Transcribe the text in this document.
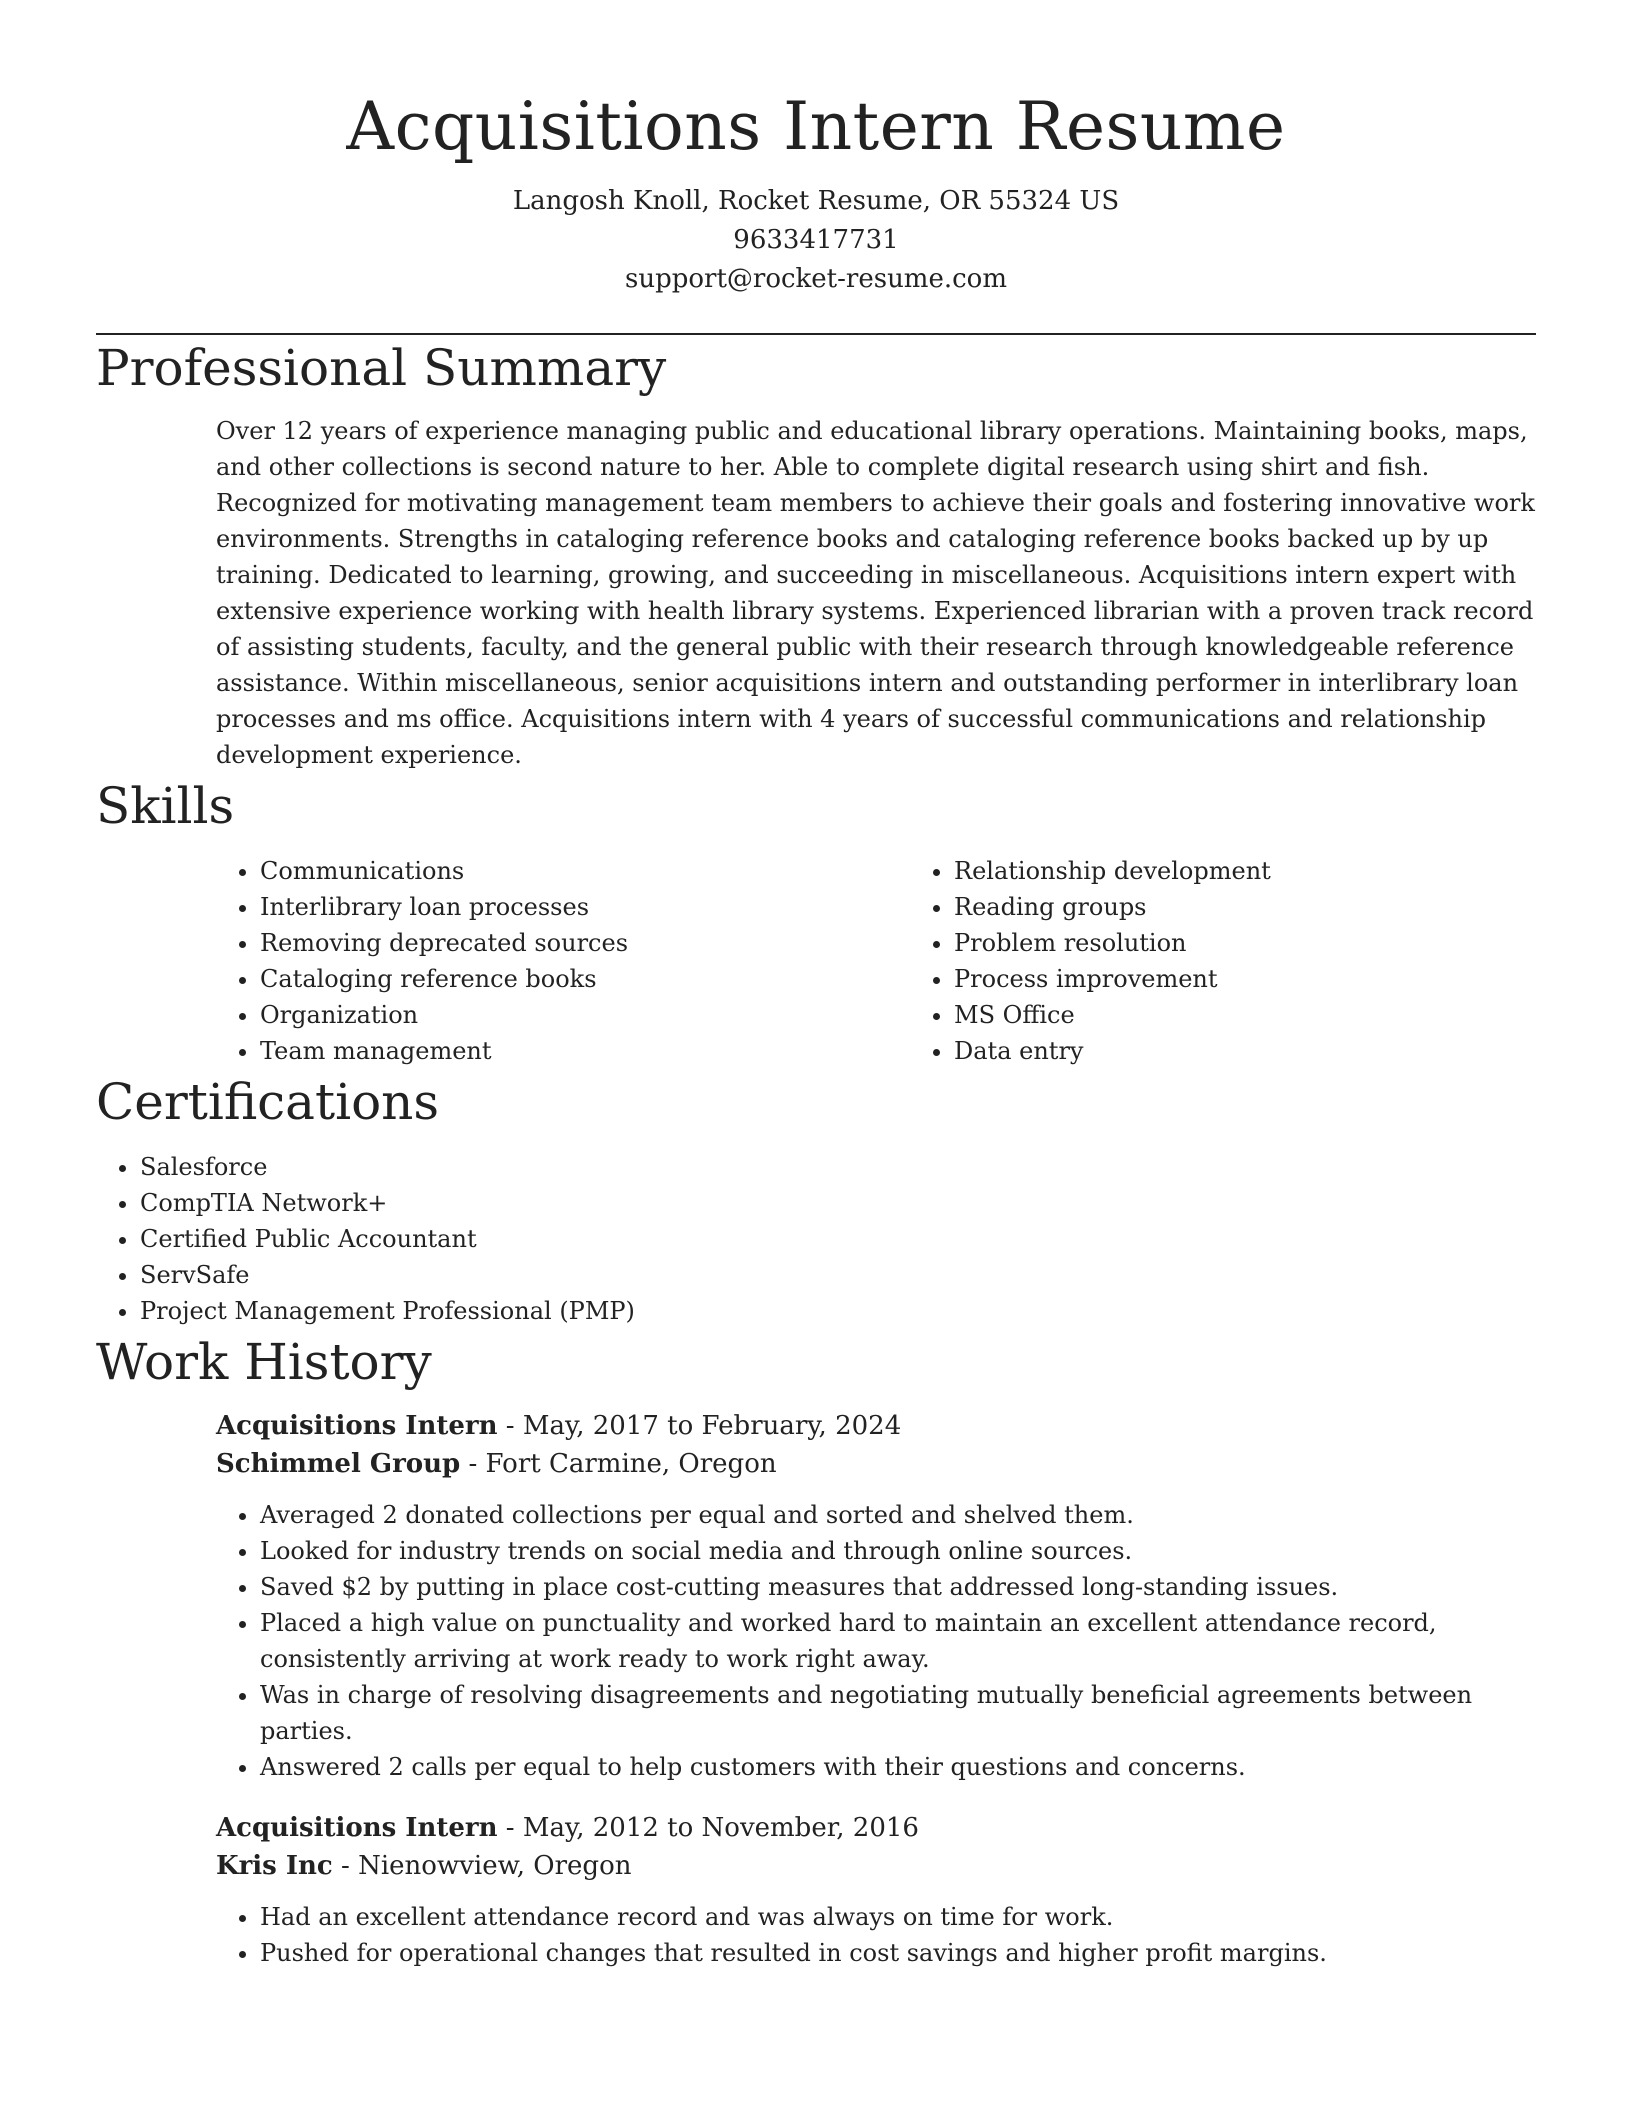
Acquisitions Intern Resume
Langosh Knoll, Rocket Resume, OR 55324 US
9633417731
support@rocket-resume.com
Professional Summary
Over 12 years of experience managing public and educational library operations. Maintaining books, maps, and other collections is second nature to her. Able to complete digital research using shirt and fish. Recognized for motivating management team members to achieve their goals and fostering innovative work environments. Strengths in cataloging reference books and cataloging reference books backed up by up training. Dedicated to learning, growing, and succeeding in miscellaneous. Acquisitions intern expert with extensive experience working with health library systems. Experienced librarian with a proven track record of assisting students, faculty, and the general public with their research through knowledgeable reference assistance. Within miscellaneous, senior acquisitions intern and outstanding performer in interlibrary loan processes and ms office. Acquisitions intern with 4 years of successful communications and relationship development experience.
Skills
• Communications
• Interlibrary loan processes
• Removing deprecated sources
• Cataloging reference books
• Organization
• Team management
• Relationship development
• Reading groups
• Problem resolution
• Process improvement
• MS Office
• Data entry
Certifications
• Salesforce
• CompTIA Network+
• Certified Public Accountant
• ServSafe
• Project Management Professional (PMP)
Work History
Acquisitions Intern - May, 2017 to February, 2024
Schimmel Group - Fort Carmine, Oregon
• Averaged 2 donated collections per equal and sorted and shelved them.
• Looked for industry trends on social media and through online sources.
• Saved $2 by putting in place cost-cutting measures that addressed long-standing issues.
• Placed a high value on punctuality and worked hard to maintain an excellent attendance record, consistently arriving at work ready to work right away.
• Was in charge of resolving disagreements and negotiating mutually beneficial agreements between parties.
• Answered 2 calls per equal to help customers with their questions and concerns.
Acquisitions Intern - May, 2012 to November, 2016
Kris Inc - Nienowview, Oregon
• Had an excellent attendance record and was always on time for work.
• Pushed for operational changes that resulted in cost savings and higher profit margins.
